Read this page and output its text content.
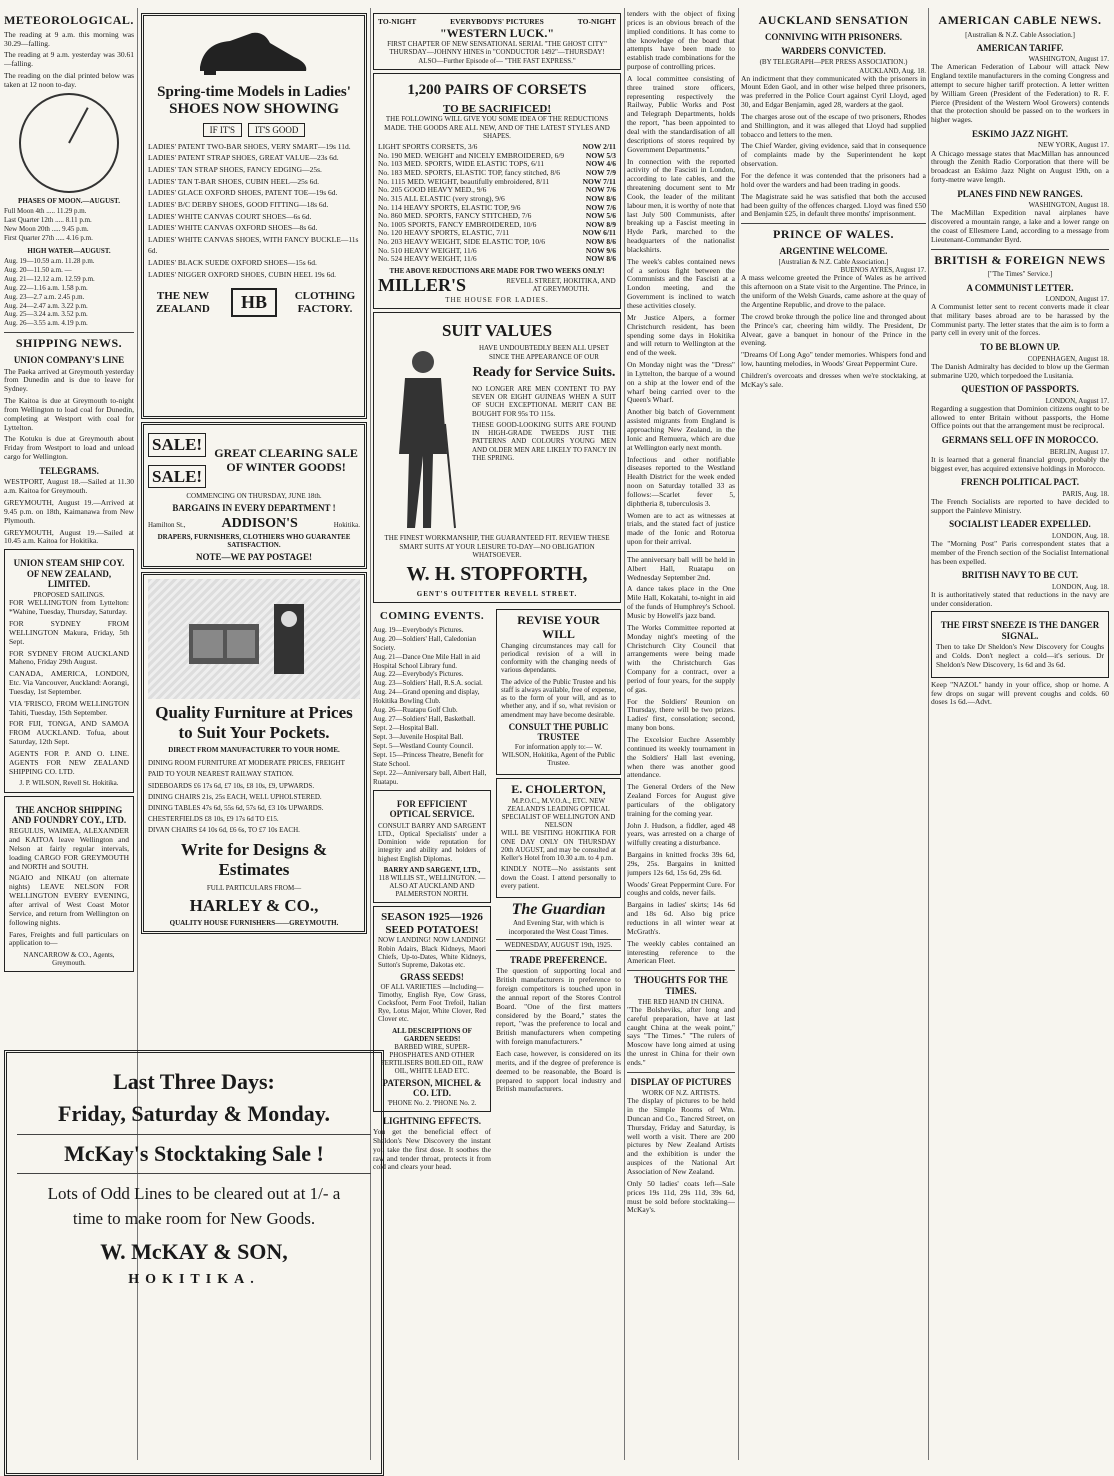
METEOROLOGICAL.

The reading at 9 a.m. this morning was 30.29—falling.

The reading at 9 a.m. yesterday was 30.61—falling.

The reading on the dial printed below was taken at 12 noon to-day.

PHASES OF MOON.—AUGUST.
Full Moon 4th ..... 11.29 p.m.
Last Quarter 12th ..... 8.11 p.m.
New Moon 20th ..... 9.45 p.m.
First Quarter 27th ..... 4.16 p.m.
HIGH WATER—AUGUST.
Aug. 19—10.59 a.m. 11.28 p.m.
Aug. 20—11.50 a.m. —
Aug. 21—12.12 a.m. 12.59 p.m.
Aug. 22—1.16 a.m. 1.58 p.m.
Aug. 23—2.7 a.m. 2.45 p.m.
Aug. 24—2.47 a.m. 3.22 p.m.
Aug. 25—3.24 a.m. 3.52 p.m.
Aug. 26—3.55 a.m. 4.19 p.m.
SHIPPING NEWS.
UNION COMPANY'S LINE

The Paeka arrived at Greymouth yesterday from Dunedin and is due to leave for Sydney.

The Kaitoa is due at Greymouth to-night from Wellington to load coal for Dunedin, completing at Westport with coal for Lyttelton.

The Kotuku is due at Greymouth about Friday from Westport to load and unload cargo for Wellington.

TELEGRAMS.

WESTPORT, August 18.—Sailed at 11.30 a.m. Kaitoa for Greymouth.

GREYMOUTH, August 19.—Arrived at 9.45 p.m. on 18th, Kaimanawa from New Plymouth.

GREYMOUTH, August 19.—Sailed at 10.45 a.m. Kaitoa for Hokitika.

UNION STEAM SHIP COY. OF NEW ZEALAND, LIMITED.
PROPOSED SAILINGS.

FOR WELLINGTON from Lyttelton: *Wahine, Tuesday, Thursday, Saturday.

FOR SYDNEY FROM WELLINGTON Makura, Friday, 5th Sept.

FOR SYDNEY FROM AUCKLAND Maheno, Friday 29th August.

CANADA, AMERICA, LONDON, Etc. Via Vancouver, Auckland: Aorangi, Tuesday, 1st September.

VIA 'FRISCO, FROM WELLINGTON Tahiti, Tuesday, 15th September.

FOR FIJI, TONGA, AND SAMOA FROM AUCKLAND. Tofua, about Saturday, 12th Sept.

AGENTS FOR P. AND O. LINE. AGENTS FOR NEW ZEALAND SHIPPING CO. LTD.

J. P. WILSON, Revell St. Hokitika.
THE ANCHOR SHIPPING AND FOUNDRY COY., LTD.

REGULUS, WAIMEA, ALEXANDER and KAITOA leave Wellington and Nelson at fairly regular intervals, loading CARGO FOR GREYMOUTH and NORTH and SOUTH.

NGAIO and NIKAU (on alternate nights) LEAVE NELSON FOR WELLINGTON EVERY EVENING, after arrival of West Coast Motor Service, and return from Wellington on following nights.

Fares, Freights and full particulars on application to—

NANCARROW & CO., Agents, Greymouth.
Spring-time Models in Ladies' SHOES NOW SHOWING
IF IT'S	IT'S GOOD
LADIES' PATENT TWO-BAR SHOES, VERY SMART—19s 11d.
LADIES' PATENT STRAP SHOES, GREAT VALUE—23s 6d.
LADIES' TAN STRAP SHOES, FANCY EDGING—25s.
LADIES' TAN T-BAR SHOES, CUBIN HEEL—25s 6d.
LADIES' GLACE OXFORD SHOES, PATENT TOE—19s 6d.
LADIES' B/C DERBY SHOES, GOOD FITTING—18s 6d.
LADIES' WHITE CANVAS COURT SHOES—6s 6d.
LADIES' WHITE CANVAS OXFORD SHOES—8s 6d.
LADIES' WHITE CANVAS SHOES, WITH FANCY BUCKLE—11s 6d.
LADIES' BLACK SUEDE OXFORD SHOES—15s 6d.
LADIES' NIGGER OXFORD SHOES, CUBIN HEEL 19s 6d.
THE NEW ZEALAND	HB	CLOTHING FACTORY.
SALE!
SALE!
GREAT CLEARING SALE OF WINTER GOODS!
COMMENCING ON THURSDAY, JUNE 18th.
BARGAINS IN EVERY DEPARTMENT !
Hamilton St.,	ADDISON'S	Hokitika.
DRAPERS, FURNISHERS, CLOTHIERS WHO GUARANTEE SATISFACTION.
NOTE—WE PAY POSTAGE!
Quality Furniture at Prices to Suit Your Pockets.
DIRECT FROM MANUFACTURER TO YOUR HOME.
DINING ROOM FURNITURE AT MODERATE PRICES, FREIGHT PAID TO YOUR NEAREST RAILWAY STATION.
SIDEBOARDS £6 17s 6d, £7 10s, £8 10s, £9, UPWARDS.
DINING CHAIRS 21s, 25s EACH, WELL UPHOLSTERED.
DINING TABLES 47s 6d, 55s 6d, 57s 6d, £3 10s UPWARDS.
CHESTERFIELDS £8 10s, £9 17s 6d TO £15.
DIVAN CHAIRS £4 10s 6d, £6 6s, TO £7 10s EACH.
Write for Designs & Estimates
FULL PARTICULARS FROM—
HARLEY & CO.,
QUALITY HOUSE FURNISHERS——GREYMOUTH.
Last Three Days:
Friday, Saturday & Monday.
McKay's Stocktaking Sale !
Lots of Odd Lines to be cleared out at 1/- a time to make room for New Goods.
W. McKAY & SON,
HOKITIKA.
TO-NIGHT	EVERYBODYS' PICTURES	TO-NIGHT
"WESTERN LUCK."
FIRST CHAPTER OF NEW SENSATIONAL SERIAL "THE GHOST CITY"
THURSDAY—JOHNNY HINES in "CONDUCTOR 1492"—THURSDAY!
ALSO—Further Episode of— "THE FAST EXPRESS."
1,200 PAIRS OF CORSETS
TO BE SACRIFICED!

THE FOLLOWING WILL GIVE YOU SOME IDEA OF THE REDUCTIONS MADE. THE GOODS ARE ALL NEW, AND OF THE LATEST STYLES AND SHAPES.

LIGHT SPORTS CORSETS, 3/6	NOW 2/11
No. 190 MED. WEIGHT and NICELY EMBROIDERED, 6/9	NOW 5/3
No. 103 MED. SPORTS, WIDE ELASTIC TOPS, 6/11	NOW 4/6
No. 183 MED. SPORTS, ELASTIC TOP, fancy stitched, 8/6	NOW 7/9
No. 1115 MED. WEIGHT, beautifully embroidered, 8/11	NOW 7/11
No. 205 GOOD HEAVY MED., 9/6	NOW 7/6
No. 315 ALL ELASTIC (very strong), 9/6	NOW 8/6
No. 114 HEAVY SPORTS, ELASTIC TOP, 9/6	NOW 7/6
No. 860 MED. SPORTS, FANCY STITCHED, 7/6	NOW 5/6
No. 1005 SPORTS, FANCY EMBROIDERED, 10/6	NOW 8/9
No. 120 HEAVY SPORTS, ELASTIC, 7/11	NOW 6/11
No. 203 HEAVY WEIGHT, SIDE ELASTIC TOP, 10/6	NOW 8/6
No. 510 HEAVY WEIGHT, 11/6	NOW 9/6
No. 524 HEAVY WEIGHT, 11/6	NOW 8/6
THE ABOVE REDUCTIONS ARE MADE FOR TWO WEEKS ONLY!
MILLER'S	REVELL STREET, HOKITIKA, AND AT GREYMOUTH.
THE HOUSE FOR LADIES.
SUIT VALUES

HAVE UNDOUBTEDLY BEEN ALL UPSET SINCE THE APPEARANCE OF OUR

Ready for Service Suits.

NO LONGER ARE MEN CONTENT TO PAY SEVEN OR EIGHT GUINEAS WHEN A SUIT OF SUCH EXCEPTIONAL MERIT CAN BE BOUGHT FOR 95s TO 115s.

THESE GOOD-LOOKING SUITS ARE FOUND IN HIGH-GRADE TWEEDS JUST THE PATTERNS AND COLOURS YOUNG MEN AND OLDER MEN ARE LIKELY TO FANCY IN THE SPRING.

THE FINEST WORKMANSHIP, THE GUARANTEED FIT. REVIEW THESE SMART SUITS AT YOUR LEISURE TO-DAY—NO OBLIGATION WHATSOEVER.

W. H. STOPFORTH,
GENT'S OUTFITTER REVELL STREET.
COMING EVENTS.
Aug. 19—Everybody's Pictures.
Aug. 20—Soldiers' Hall, Caledonian Society.
Aug. 21—Dance One Mile Hall in aid Hospital School Library fund.
Aug. 22—Everybody's Pictures.
Aug. 23—Soldiers' Hall, R.S.A. social.
Aug. 24—Grand opening and display, Hokitika Bowling Club.
Aug. 26—Ruatapu Golf Club.
Aug. 27—Soldiers' Hall, Basketball.
Sept. 2—Hospital Ball.
Sept. 3—Juvenile Hospital Ball.
Sept. 5—Westland County Council.
Sept. 15—Princess Theatre, Benefit for State School.
Sept. 22—Anniversary ball, Albert Hall, Ruatapu.
FOR EFFICIENT OPTICAL SERVICE.

CONSULT BARRY AND SARGENT LTD., Optical Specialists' under a Dominion wide reputation for integrity and ability and holders of highest English Diplomas.

BARRY AND SARGENT, LTD.,
118 WILLIS ST., WELLINGTON. —ALSO AT AUCKLAND AND PALMERSTON NORTH.
SEASON 1925—1926
SEED POTATOES!

NOW LANDING! NOW LANDING! Robin Adairs, Black Kidneys, Maori Chiefs, Up-to-Dates, White Kidneys, Sutton's Supreme, Dakotas etc.

GRASS SEEDS!
OF ALL VARIETIES —Including—

Timothy, English Rye, Cow Grass, Cocksfoot, Perm Foot Trefoil, Italian Rye, Lotus Major, White Clover, Red Clover etc.

ALL DESCRIPTIONS OF GARDEN SEEDS!
BARBED WIRE, SUPER-PHOSPHATES AND OTHER FERTILISERS BOILED OIL, RAW OIL, WHITE LEAD ETC.
PATERSON, MICHEL & CO. LTD.
'PHONE No. 2. 'PHONE No. 2.
LIGHTNING EFFECTS.

You get the beneficial effect of Sheldon's New Discovery the instant you take the first dose. It soothes the raw and tender throat, protects it from cold and clears your head.

REVISE YOUR WILL

Changing circumstances may call for periodical revision of a will in conformity with the changing needs of various dependants.

The advice of the Public Trustee and his staff is always available, free of expense, as to the form of your will, and as to whether any, and if so, what revision or amendment may have become desirable.

CONSULT THE PUBLIC TRUSTEE

For information apply to:— W. WILSON, Hokitika, Agent of the Public Trustee.

E. CHOLERTON,
M.P.O.C., M.V.O.A., ETC. NEW ZEALAND'S LEADING OPTICAL SPECIALIST OF WELLINGTON AND NELSON

WILL BE VISITING HOKITIKA FOR ONE DAY ONLY ON THURSDAY 20th AUGUST, and may be consulted at Keller's Hotel from 10.30 a.m. to 4 p.m.

KINDLY NOTE—No assistants sent down the Coast. I attend personally to every patient.

The Guardian

And Evening Star, with which is incorporated the West Coast Times.

WEDNESDAY, AUGUST 19th, 1925.
TRADE PREFERENCE.

The question of supporting local and British manufacturers in preference to foreign competitors is touched upon in the annual report of the Stores Control Board. "One of the first matters considered by the Board," states the report, "was the preference to local and British manufacturers when competing with foreign manufacturers."

Each case, however, is considered on its merits, and if the degree of preference is deemed to be reasonable, the Board is prepared to support local industry and British manufacturers.

tenders with the object of fixing prices is an obvious breach of the implied conditions. It has come to the knowledge of the board that attempts have been made to establish trade combinations for the purpose of controlling prices.

A local committee consisting of three trained store officers, representing respectively the Railway, Public Works and Post and Telegraph Departments, holds the report, "has been appointed to deal with the standardisation of all descriptions of stores required by Government Departments."

In connection with the reported activity of the Fascisti in London, according to late cables, and the threatening document sent to Mr Cook, the leader of the militant labour men, it is worthy of note that last July 500 Communists, after breaking up a Fascist meeting in Hyde Park, marched to the headquarters of the nationalist blackshirts.

The week's cables contained news of a serious fight between the Communists and the Fascisti at a London meeting, and the Government is inclined to watch these activities closely.

Mr Justice Alpers, a former Christchurch resident, has been spending some days in Hokitika and will return to Wellington at the end of the week.

On Monday night was the "Dress" in Lyttelton, the barque of a wound on a ship at the lower end of the wharf being carried over to the Queen's Wharf.

Another big batch of Government assisted migrants from England is approaching New Zealand, in the Ionic and Remuera, which are due at Wellington early next month.

Infectious and other notifiable diseases reported to the Westland Health District for the week ended noon on Saturday totalled 33 as follows:—Scarlet fever 5, diphtheria 8, tuberculosis 3.

Women are to act as witnesses at trials, and the stated fact of justice made of the Ionic and Rotorua upon for their arrival.

The anniversary ball will be held in Albert Hall, Ruatapu on Wednesday September 2nd.

A dance takes place in the One Mile Hall, Kokatahi, to-night in aid of the funds of Humphrey's School. Music by Howell's jazz band.

The Works Committee reported at Monday night's meeting of the Christchurch City Council that arrangements were being made with the Christchurch Gas Company for a contract, over a period of four years, for the supply of gas.

For the Soldiers' Reunion on Thursday, there will be two prizes. Ladies' first, consolation; second, many bon bons.

The Excelsior Euchre Assembly continued its weekly tournament in the Soldiers' Hall last evening, when there was another good attendance.

The General Orders of the New Zealand Forces for August give particulars of the obligatory training for the coming year.

John J. Hudson, a fiddler, aged 48 years, was arrested on a charge of wilfully creating a disturbance.

Bargains in knitted frocks 39s 6d, 29s, 25s. Bargains in knitted jumpers 12s 6d, 15s 6d, 29s 6d.

Woods' Great Peppermint Cure. For coughs and colds, never fails.

Bargains in ladies' skirts; 14s 6d and 18s 6d. Also big price reductions in all winter wear at McGrath's.

The weekly cables contained an interesting reference to the American Fleet.

THOUGHTS FOR THE TIMES.
THE RED HAND IN CHINA.

"The Bolsheviks, after long and careful preparation, have at last caught China at the weak point," says "The Times." "The rulers of Moscow have long aimed at using the unrest in China for their own ends."

DISPLAY OF PICTURES
WORK OF N.Z. ARTISTS.

The display of pictures to be held in the Simple Rooms of Wm. Duncan and Co., Tancred Street, on Thursday, Friday and Saturday, is well worth a visit. There are 200 pictures by New Zealand Artists and the exhibition is under the auspices of the National Art Association of New Zealand.

Only 50 ladies' coats left—Sale prices 19s 11d, 29s 11d, 39s 6d, must be sold before stocktaking—McKay's.

AUCKLAND SENSATION
CONNIVING WITH PRISONERS.
WARDERS CONVICTED.
(BY TELEGRAPH—PER PRESS ASSOCIATION.)
AUCKLAND, Aug. 18.

An indictment that they communicated with the prisoners in Mount Eden Gaol, and in other wise helped three prisoners, was preferred in the Police Court against Cyril Lloyd, aged 30, and Edgar Benjamin, aged 28, warders at the gaol.

The charges arose out of the escape of two prisoners, Rhodes and Shillington, and it was alleged that Lloyd had supplied tobacco and letters to the men.

The Chief Warder, giving evidence, said that in consequence of complaints made by the Superintendent he kept observation.

For the defence it was contended that the prisoners had a hold over the warders and had been trading in goods.

The Magistrate said he was satisfied that both the accused had been guilty of the offences charged. Lloyd was fined £50 and Benjamin £25, in default three months' imprisonment.

PRINCE OF WALES.
ARGENTINE WELCOME.
[Australian & N.Z. Cable Association.]
BUENOS AYRES, August 17.

A mass welcome greeted the Prince of Wales as he arrived this afternoon on a State visit to the Argentine. The Prince, in the uniform of the Welsh Guards, came ashore at the quay of the Argentine Republic, and drove to the palace.

The crowd broke through the police line and thronged about the Prince's car, cheering him wildly. The President, Dr Alvear, gave a banquet in honour of the Prince in the evening.

"Dreams Of Long Ago" tender memories. Whispers fond and low, haunting melodies, in Woods' Great Peppermint Cure.

Children's overcoats and dresses when we're stocktaking, at McKay's sale.

AMERICAN CABLE NEWS.
[Australian & N.Z. Cable Association.]
AMERICAN TARIFF.
WASHINGTON, August 17.

The American Federation of Labour will attack New England textile manufacturers in the coming Congress and attempt to secure higher tariff protection. A letter written by William Green (President of the Federation) to R. F. Pierce (President of the Western Wool Growers) contends that the protection should be passed on to the workers in higher wages.

ESKIMO JAZZ NIGHT.
NEW YORK, August 17.

A Chicago message states that MacMillan has announced through the Zenith Radio Corporation that there will be broadcast an Eskimo Jazz Night on August 19th, on a forty-metre wave length.

PLANES FIND NEW RANGES.
WASHINGTON, August 18.

The MacMillan Expedition naval airplanes have discovered a mountain range, a lake and a lower range on the coast of Ellesmere Land, according to a message from Lieutenant-Commander Byrd.

BRITISH & FOREIGN NEWS
["The Times" Service.]
A COMMUNIST LETTER.
LONDON, August 17.

A Communist letter sent to recent converts made it clear that military bases abroad are to be harassed by the Communist party. The letter states that the aim is to form a party cell in every unit of the forces.

TO BE BLOWN UP.
COPENHAGEN, August 18.

The Danish Admiralty has decided to blow up the German submarine U20, which torpedoed the Lusitania.

QUESTION OF PASSPORTS.
LONDON, August 17.

Regarding a suggestion that Dominion citizens ought to be allowed to enter Britain without passports, the Home Office points out that the arrangement must be reciprocal.

GERMANS SELL OFF IN MOROCCO.
BERLIN, August 17.

It is learned that a general financial group, probably the biggest ever, has acquired extensive holdings in Morocco.

FRENCH POLITICAL PACT.
PARIS, Aug. 18.

The French Socialists are reported to have decided to support the Painleve Ministry.

SOCIALIST LEADER EXPELLED.
LONDON, Aug. 18.

The "Morning Post" Paris correspondent states that a member of the French section of the Socialist International has been expelled.

BRITISH NAVY TO BE CUT.
LONDON, Aug. 18.

It is authoritatively stated that reductions in the navy are under consideration.

THE FIRST SNEEZE IS THE DANGER SIGNAL.

Then to take Dr Sheldon's New Discovery for Coughs and Colds. Don't neglect a cold—it's serious. Dr Sheldon's New Discovery, 1s 6d and 3s 6d.

Keep "NAZOL" handy in your office, shop or home. A few drops on sugar will prevent coughs and colds. 60 doses 1s 6d.—Advt.
